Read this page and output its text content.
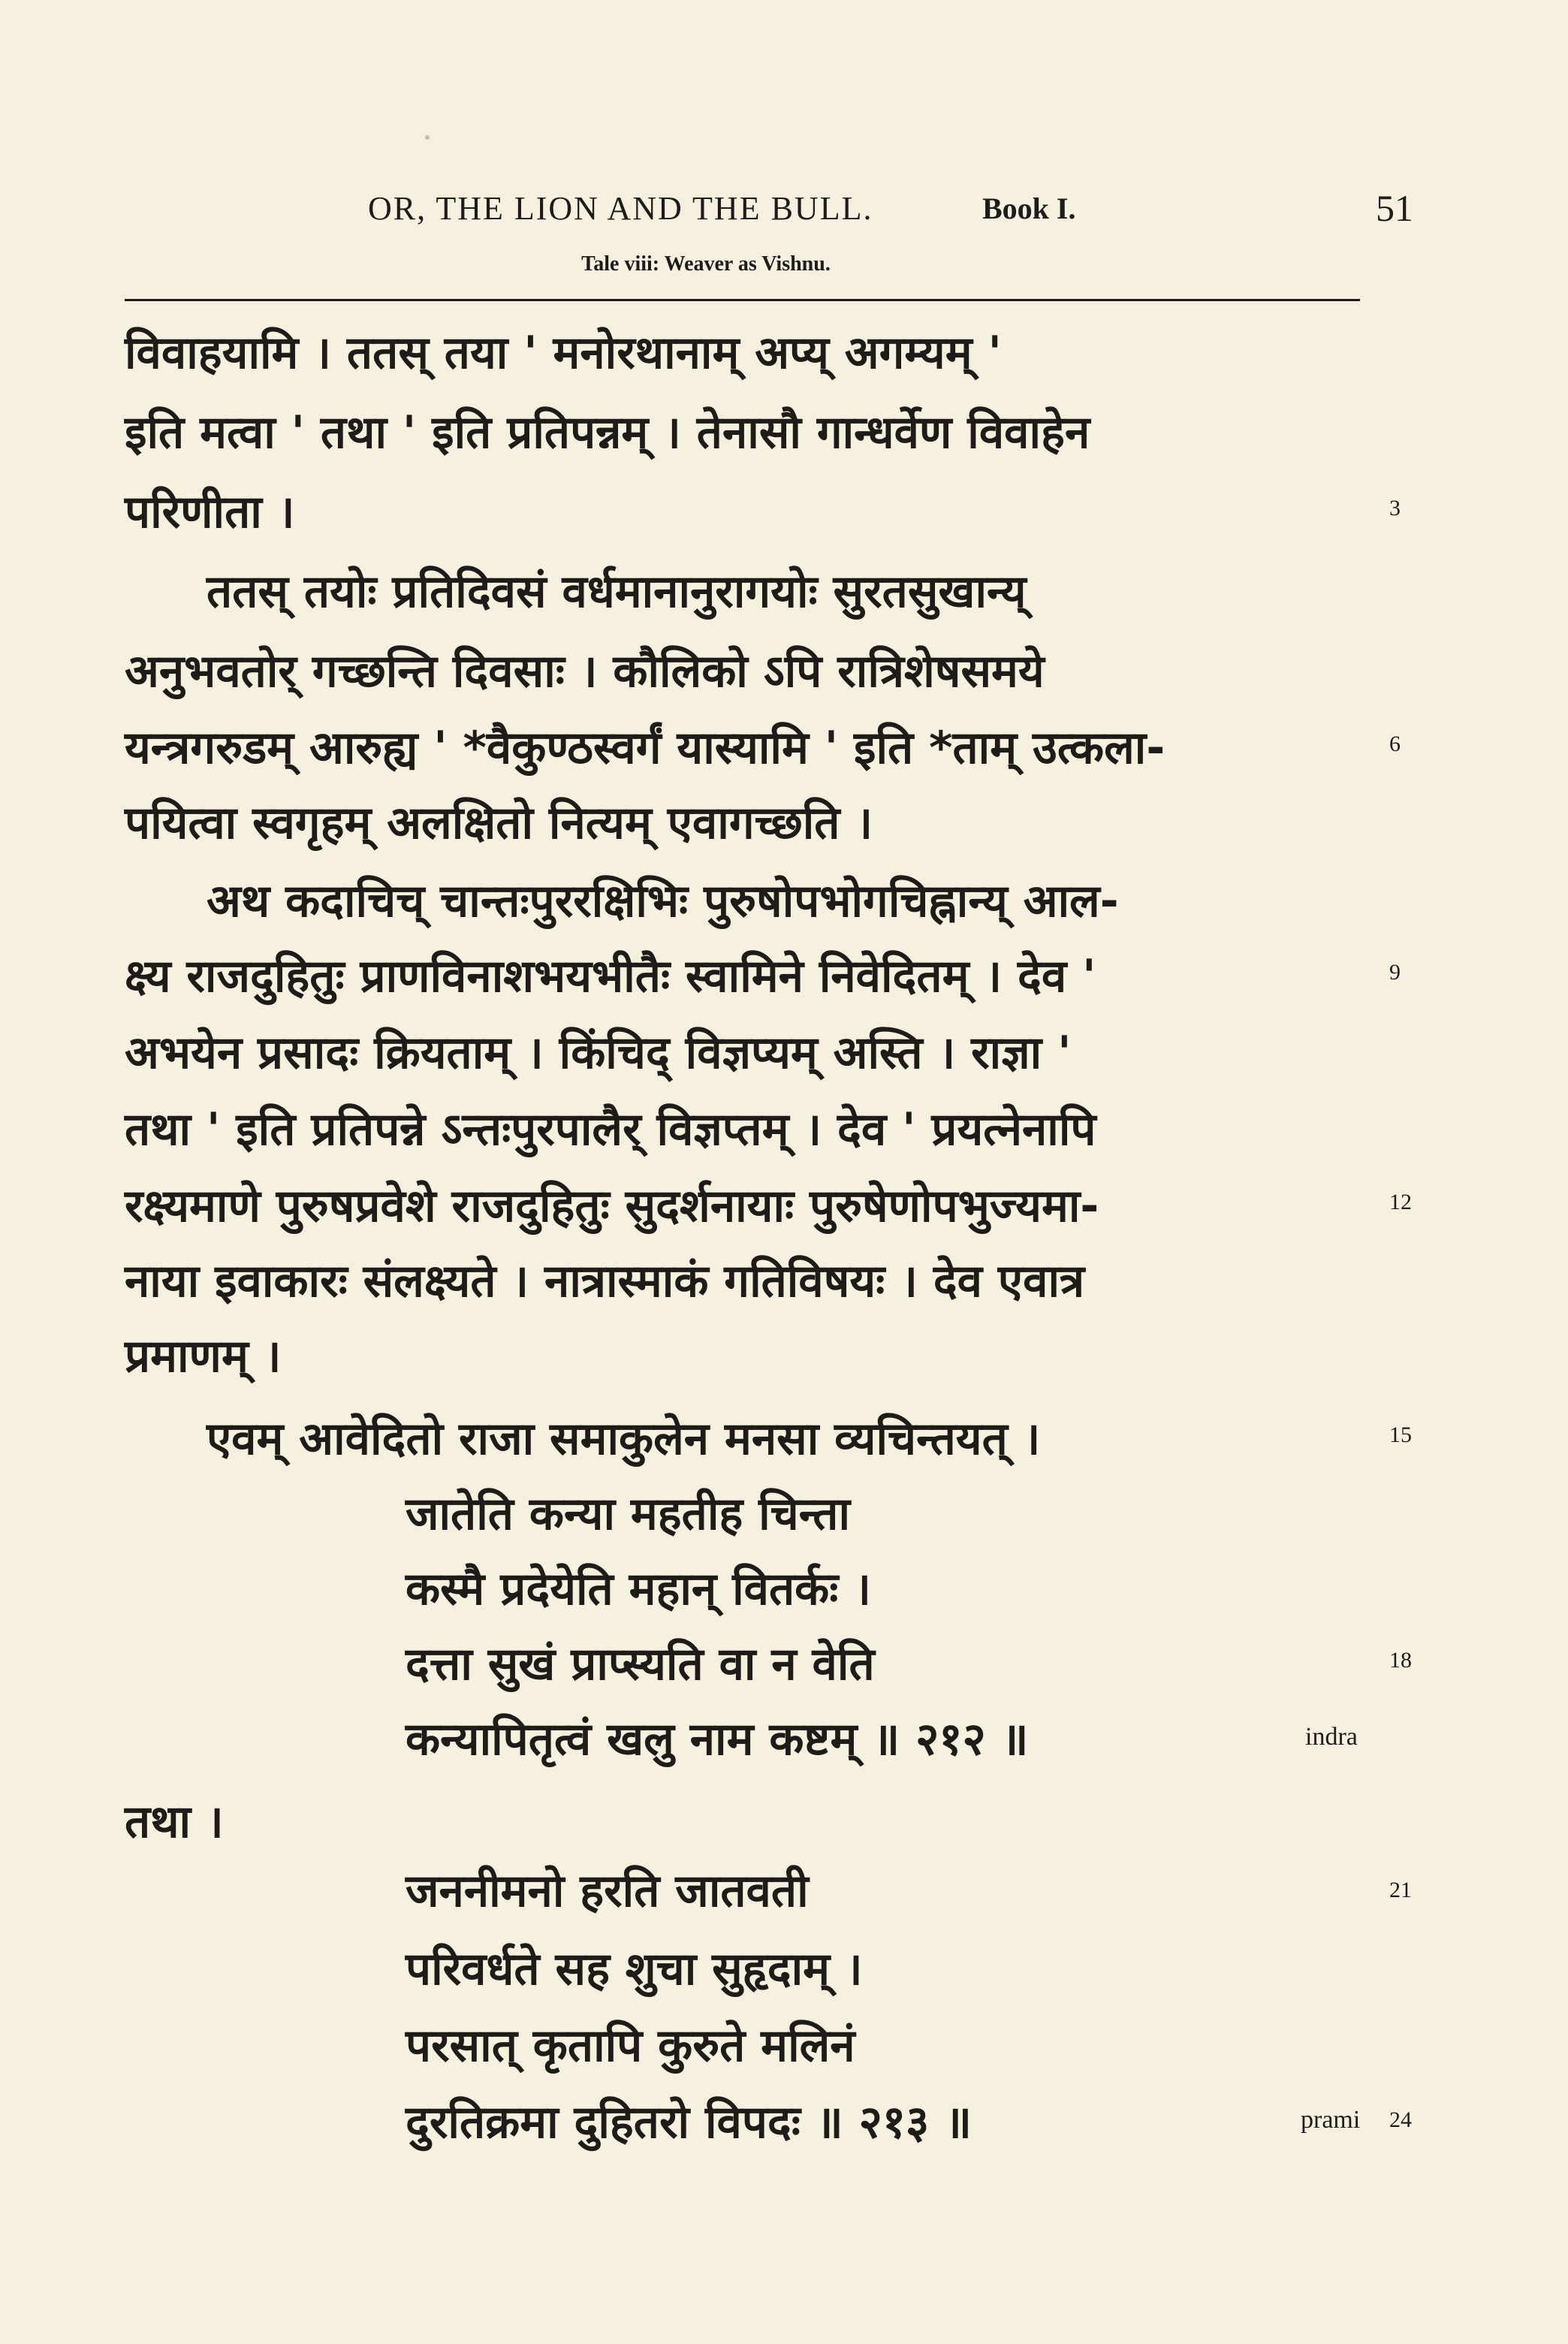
OR, THE LION AND THE BULL.	Book I.	51
Tale viii: Weaver as Vishnu.
विवाहयामि । ततस् तया ' मनोरथानाम् अप्य् अगम्यम् '
इति मत्वा ' तथा ' इति प्रतिपन्नम् । तेनासौ गान्धर्वेण विवाहेन
परिणीता ।
ततस् तयोः प्रतिदिवसं वर्धमानानुरागयोः सुरतसुखान्य्
अनुभवतोर् गच्छन्ति दिवसाः । कौलिको ऽपि रात्रिशेषसमये
यन्त्रगरुडम् आरुह्य ' *वैकुण्ठस्वर्गं यास्यामि ' इति *ताम् उत्कला-
पयित्वा स्वगृहम् अलक्षितो नित्यम् एवागच्छति ।
अथ कदाचिच् चान्तःपुररक्षिभिः पुरुषोपभोगचिह्नान्य् आल-
क्ष्य राजदुहितुः प्राणविनाशभयभीतैः स्वामिने निवेदितम् । देव '
अभयेन प्रसादः क्रियताम् । किंचिद् विज्ञप्यम् अस्ति । राज्ञा '
तथा ' इति प्रतिपन्ने ऽन्तःपुरपालैर् विज्ञप्तम् । देव ' प्रयत्नेनापि
रक्ष्यमाणे पुरुषप्रवेशे राजदुहितुः सुदर्शनायाः पुरुषेणोपभुज्यमा-
नाया इवाकारः संलक्ष्यते । नात्रास्माकं गतिविषयः । देव एवात्र
प्रमाणम् ।
एवम् आवेदितो राजा समाकुलेन मनसा व्यचिन्तयत् ।
जातेति कन्या महतीह चिन्ता
कस्मै प्रदेयेति महान् वितर्कः ।
दत्ता सुखं प्राप्स्यति वा न वेति
कन्यापितृत्वं खलु नाम कष्टम् ॥ २१२ ॥
तथा ।
जननीमनो हरति जातवती
परिवर्धते सह शुचा सुहृदाम् ।
परसात् कृतापि कुरुते मलिनं
दुरतिक्रमा दुहितरो विपदः ॥ २१३ ॥
3
6
9
12
15
18
21
24
indra
prami
